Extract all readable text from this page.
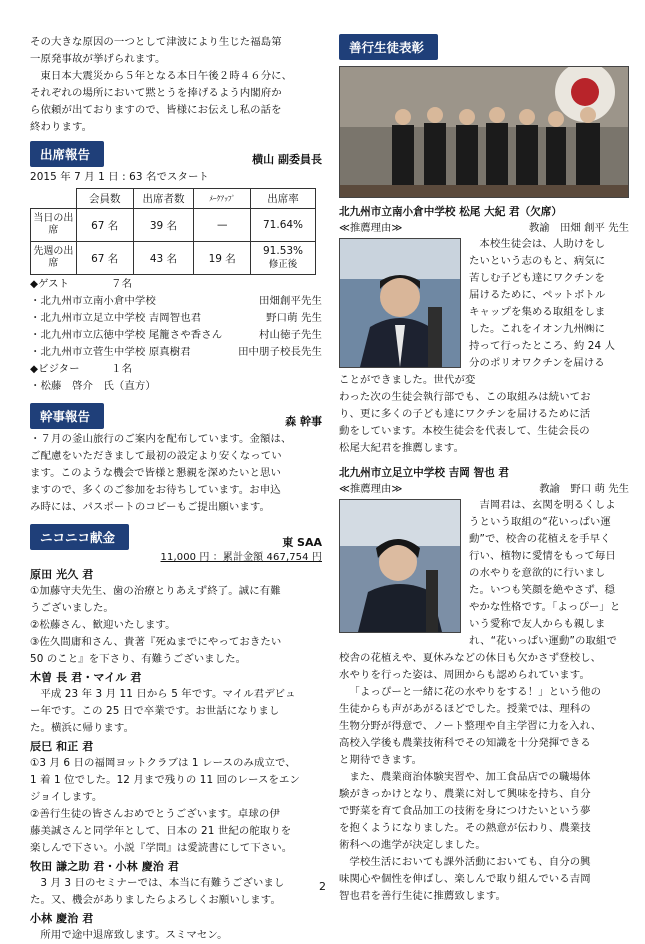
その大きな原因の一つとして津波により生じた福島第

一原発事故が挙げられます。

東日本大震災から５年となる本日午後２時４６分に、

それぞれの場所において黙とうを捧げるよう内閣府か

ら依頼が出ておりますので、皆様にお伝えし私の話を

終わります。

出席報告	横山 副委員長

2015 年 7 月 1 日 : 63 名でスタート

	会員数	出席者数	ﾒｰｸｱｯﾌﾟ	出席率
当日の出席	67 名	39 名	—	71.64%
先週の出席	67 名	43 名	19 名	91.53%
修正後

◆ゲスト　　　　７名

・北九州市立南小倉中学校	田畑創平先生
・北九州市立足立中学校 吉岡智也君	野口萌 先生
・北九州市立広徳中学校 尾籠さや香さん	村山徳子先生
・北九州市立菅生中学校 原真樹君	田中朋子校長先生

◆ビジター　　　１名

・松藤　啓介　氏（直方）

幹事報告	森 幹事

・７月の釜山旅行のご案内を配布しています。金額は、

ご配慮をいただきまして最初の設定より安くなってい

ます。このような機会で皆様と懇親を深めたいと思い

ますので、多くのご参加をお待ちしています。お申込

み時には、パスポートのコピーもご提出願います。

ニコニコ献金	東 SAA

11,000 円 ：累計金額 467,754 円

原田 光久 君

①加藤守夫先生、歯の治療とりあえず終了。誠に有難

うございました。

②松藤さん、歓迎いたします。

③佐久間庸和さん、貴著『死ぬまでにやっておきたい

50 のこと』を下さり、有難うございました。

木曽 長 君・マイル 君

平成 23 年 3 月 11 日から 5 年です。マイル君デビュ

ー年です。この 25 日で卒業です。お世話になりまし

た。横浜に帰ります。

辰巳 和正 君

①3 月 6 日の福岡ヨットクラブは 1 レースのみ成立で、

1 着 1 位でした。12 月まで残りの 11 回のレースをエン

ジョイします。

②善行生徒の皆さんおめでとうございます。卓球の伊

藤美誠さんと同学年として、日本の 21 世紀の舵取りを

楽しんで下さい。小説『学問』は愛読書にして下さい。

牧田 謙之助 君・小林 慶治 君

3 月 3 日のセミナーでは、本当に有難うございまし

た。又、機会がありましたらよろしくお願いします。

小林 慶治 君

所用で途中退席致します。スミマセン。

善行生徒表彰

北九州市立南小倉中学校 松尾 大紀 君（欠席）

≪推薦理由≫	教諭　田畑 創平 先生

本校生徒会は、人助けをし

たいという志のもと、病気に

苦しむ子ども達にワクチンを

届けるために、ペットボトル

キャップを集める取組をしま

した。これをイオン九州㈱に

持って行ったところ、約 24 人

分のポリオワクチンを届ける

ことができました。世代が変

わった次の生徒会執行部でも、この取組みは続いてお

り、更に多くの子ども達にワクチンを届けるために活

動をしています。本校生徒会を代表して、生徒会長の

松尾大紀君を推薦します。

北九州市立足立中学校 吉岡 智也 君

≪推薦理由≫	教諭　野口 萌 先生

吉岡君は、玄関を明るくしよ

うという取組の“花いっぱい運

動”で、校舎の花植えを手早く

行い、植物に愛情をもって毎日

の水やりを意欲的に行いまし

た。いつも笑顔を絶やさず、穏

やかな性格です。「よっぴー」と

いう愛称で友人からも親しま

れ、“花いっぱい運動”の取組で

校舎の花植えや、夏休みなどの休日も欠かさず登校し、

水やりを行った姿は、周囲からも認められています。

「よっぴーと一緒に花の水やりをする！」という他の

生徒からも声があがるほどでした。授業では、理科の

生物分野が得意で、ノート整理や自主学習に力を入れ、

高校入学後も農業技術科でその知識を十分発揮できる

と期待できます。

また、農業商治体験実習や、加工食品店での職場体

験がきっかけとなり、農業に対して興味を持ち、自分

で野菜を育て食品加工の技術を身につけたいという夢

を抱くようになりました。その熱意が伝わり、農業技

術科への進学が決定しました。

学校生活においても課外活動においても、自分の興

味関心や個性を伸ばし、楽しんで取り組んでいる吉岡

智也君を善行生徒に推薦致します。

2
